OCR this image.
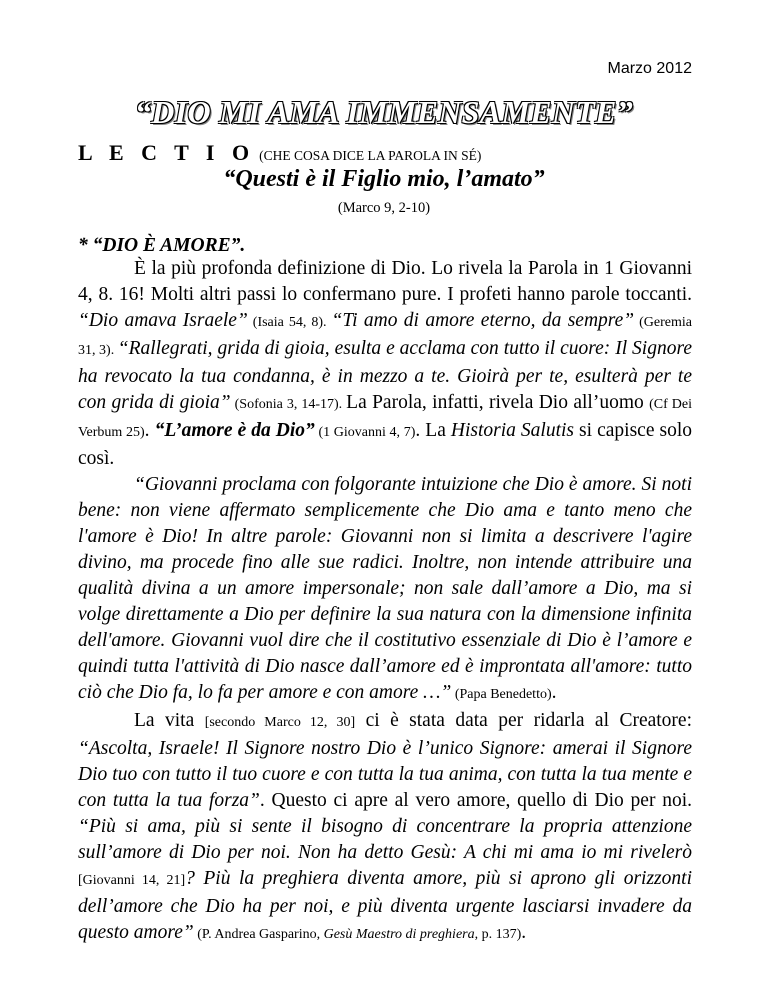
Marzo 2012
“DIO MI AMA IMMENSAMENTE”
L E C T I O (CHE COSA DICE LA PAROLA IN SÉ)
“Questi è il Figlio mio, l’amato”
(Marco 9, 2-10)
* “DIO È AMORE”.

È la più profonda definizione di Dio. Lo rivela la Parola in 1 Giovanni 4, 8. 16! Molti altri passi lo confermano pure. I profeti hanno parole toccanti. “Dio amava Israele” (Isaia 54, 8). “Ti amo di amore eterno, da sempre” (Geremia 31, 3). “Rallegrati, grida di gioia, esulta e acclama con tutto il cuore: Il Signore ha revocato la tua condanna, è in mezzo a te. Gioirà per te, esulterà per te con grida di gioia” (Sofonia 3, 14-17). La Parola, infatti, rivela Dio all’uomo (Cf Dei Verbum 25). “L’amore è da Dio” (1 Giovanni 4, 7). La Historia Salutis si capisce solo così.

“Giovanni proclama con folgorante intuizione che Dio è amore. Si noti bene: non viene affermato semplicemente che Dio ama e tanto meno che l'amore è Dio! In altre parole: Giovanni non si limita a descrivere l'agire divino, ma procede fino alle sue radici. Inoltre, non intende attribuire una qualità divina a un amore impersonale; non sale dall’amore a Dio, ma si volge direttamente a Dio per definire la sua natura con la dimensione infinita dell'amore. Giovanni vuol dire che il costitutivo essenziale di Dio è l’amore e quindi tutta l'attività di Dio nasce dall’amore ed è improntata all'amore: tutto ciò che Dio fa, lo fa per amore e con amore …” (Papa Benedetto).

La vita [secondo Marco 12, 30] ci è stata data per ridarla al Creatore: “Ascolta, Israele! Il Signore nostro Dio è l’unico Signore: amerai il Signore Dio tuo con tutto il tuo cuore e con tutta la tua anima, con tutta la tua mente e con tutta la tua forza”. Questo ci apre al vero amore, quello di Dio per noi. “Più si ama, più si sente il bisogno di concentrare la propria attenzione sull’amore di Dio per noi. Non ha detto Gesù: A chi mi ama io mi rivelerò [Giovanni 14, 21]? Più la preghiera diventa amore, più si aprono gli orizzonti dell’amore che Dio ha per noi, e più diventa urgente lasciarsi invadere da questo amore” (P. Andrea Gasparino, Gesù Maestro di preghiera, p. 137).
